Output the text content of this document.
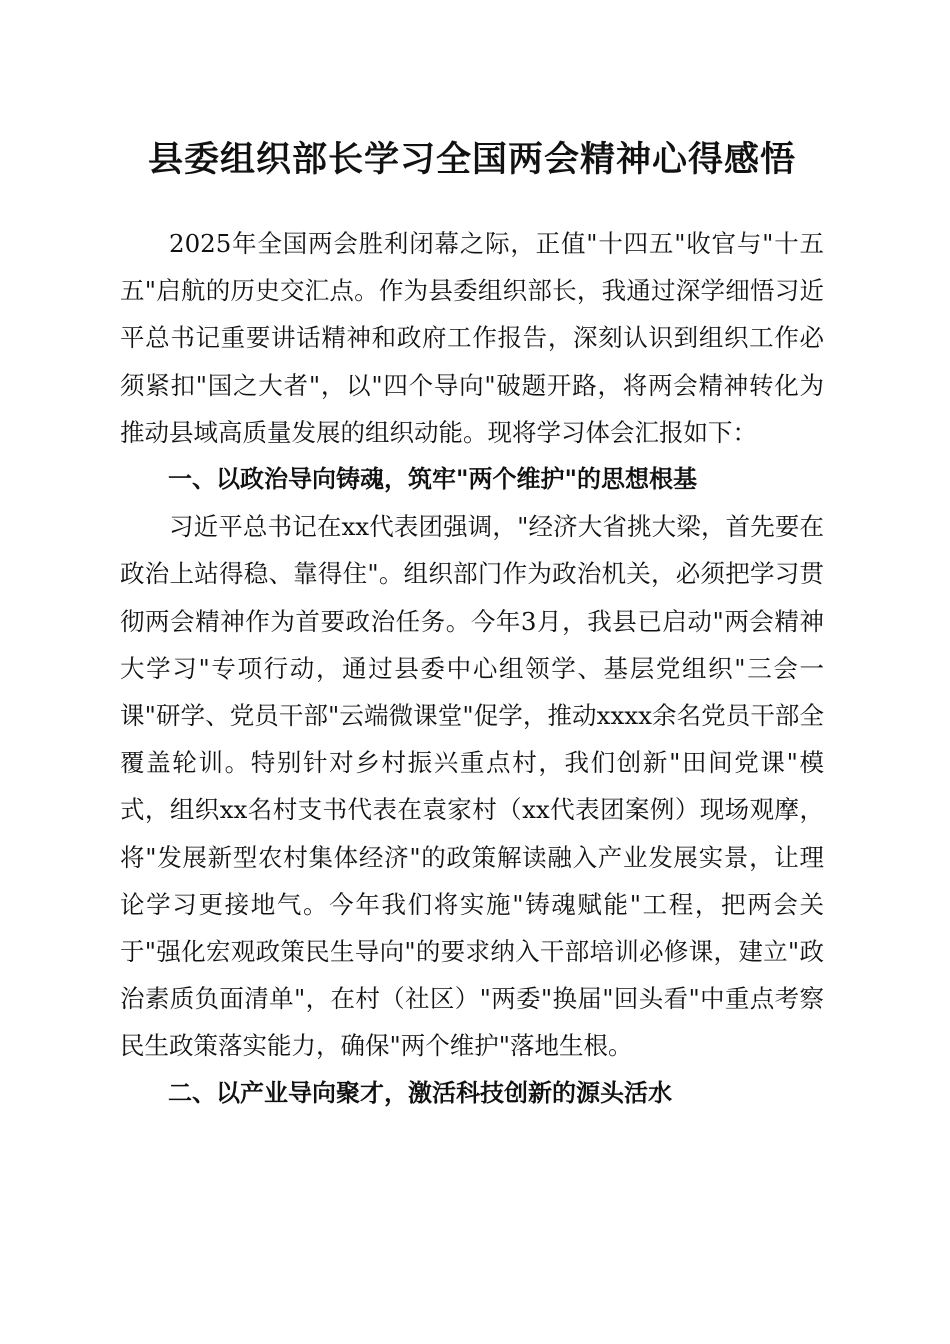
县委组织部长学习全国两会精神心得感悟

2025年全国两会胜利闭幕之际，正值"十四五"收官与"十五五"启航的历史交汇点。作为县委组织部长，我通过深学细悟习近平总书记重要讲话精神和政府工作报告，深刻认识到组织工作必须紧扣"国之大者"，以"四个导向"破题开路，将两会精神转化为推动县域高质量发展的组织动能。现将学习体会汇报如下：

一、以政治导向铸魂，筑牢"两个维护"的思想根基

习近平总书记在xx代表团强调，"经济大省挑大梁，首先要在政治上站得稳、靠得住"。组织部门作为政治机关，必须把学习贯彻两会精神作为首要政治任务。今年3月，我县已启动"两会精神大学习"专项行动，通过县委中心组领学、基层党组织"三会一课"研学、党员干部"云端微课堂"促学，推动xxxx余名党员干部全覆盖轮训。特别针对乡村振兴重点村，我们创新"田间党课"模式，组织xx名村支书代表在袁家村（xx代表团案例）现场观摩，将"发展新型农村集体经济"的政策解读融入产业发展实景，让理论学习更接地气。今年我们将实施"铸魂赋能"工程，把两会关于"强化宏观政策民生导向"的要求纳入干部培训必修课，建立"政治素质负面清单"，在村（社区）"两委"换届"回头看"中重点考察民生政策落实能力，确保"两个维护"落地生根。

二、以产业导向聚才，激活科技创新的源头活水
